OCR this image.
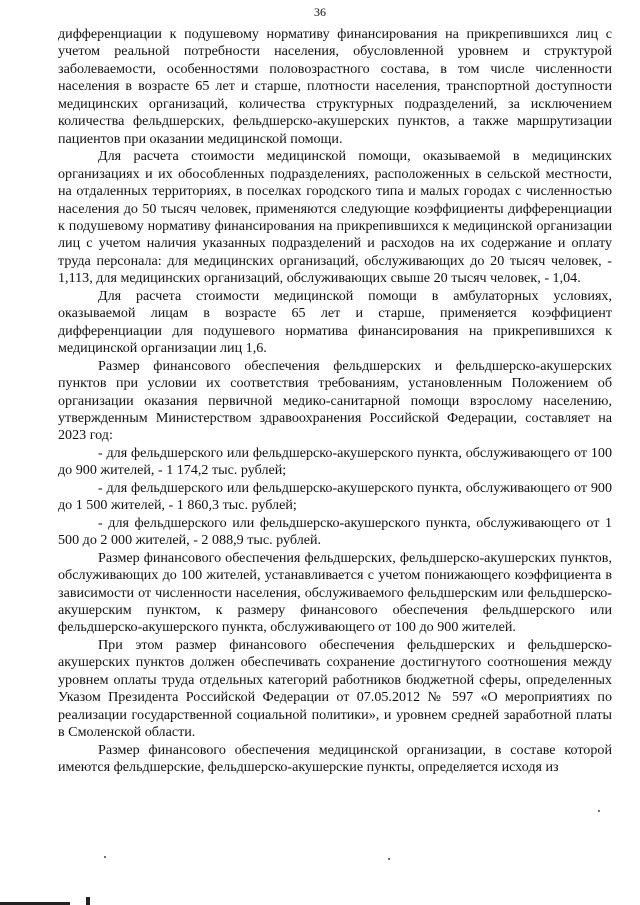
36

дифференциации к подушевому нормативу финансирования на прикрепившихся лиц с учетом реальной потребности населения, обусловленной уровнем и структурой заболеваемости, особенностями половозрастного состава, в том числе численности населения в возрасте 65 лет и старше, плотности населения, транспортной доступности медицинских организаций, количества структурных подразделений, за исключением количества фельдшерских, фельдшерско-акушерских пунктов, а также маршрутизации пациентов при оказании медицинской помощи.

Для расчета стоимости медицинской помощи, оказываемой в медицинских организациях и их обособленных подразделениях, расположенных в сельской местности, на отдаленных территориях, в поселках городского типа и малых городах с численностью населения до 50 тысяч человек, применяются следующие коэффициенты дифференциации к подушевому нормативу финансирования на прикрепившихся к медицинской организации лиц с учетом наличия указанных подразделений и расходов на их содержание и оплату труда персонала: для медицинских организаций, обслуживающих до 20 тысяч человек, - 1,113, для медицинских организаций, обслуживающих свыше 20 тысяч человек, - 1,04.

Для расчета стоимости медицинской помощи в амбулаторных условиях, оказываемой лицам в возрасте 65 лет и старше, применяется коэффициент дифференциации для подушевого норматива финансирования на прикрепившихся к медицинской организации лиц 1,6.

Размер финансового обеспечения фельдшерских и фельдшерско-акушерских пунктов при условии их соответствия требованиям, установленным Положением об организации оказания первичной медико-санитарной помощи взрослому населению, утвержденным Министерством здравоохранения Российской Федерации, составляет на 2023 год:

- для фельдшерского или фельдшерско-акушерского пункта, обслуживающего от 100 до 900 жителей, - 1 174,2 тыс. рублей;

- для фельдшерского или фельдшерско-акушерского пункта, обслуживающего от 900 до 1 500 жителей, - 1 860,3 тыс. рублей;

- для фельдшерского или фельдшерско-акушерского пункта, обслуживающего от 1 500 до 2 000 жителей, - 2 088,9 тыс. рублей.

Размер финансового обеспечения фельдшерских, фельдшерско-акушерских пунктов, обслуживающих до 100 жителей, устанавливается с учетом понижающего коэффициента в зависимости от численности населения, обслуживаемого фельдшерским или фельдшерско-акушерским пунктом, к размеру финансового обеспечения фельдшерского или фельдшерско-акушерского пункта, обслуживающего от 100 до 900 жителей.

При этом размер финансового обеспечения фельдшерских и фельдшерско-акушерских пунктов должен обеспечивать сохранение достигнутого соотношения между уровнем оплаты труда отдельных категорий работников бюджетной сферы, определенных Указом Президента Российской Федерации от 07.05.2012 № 597 «О мероприятиях по реализации государственной социальной политики», и уровнем средней заработной платы в Смоленской области.

Размер финансового обеспечения медицинской организации, в составе которой имеются фельдшерские, фельдшерско-акушерские пункты, определяется исходя из
